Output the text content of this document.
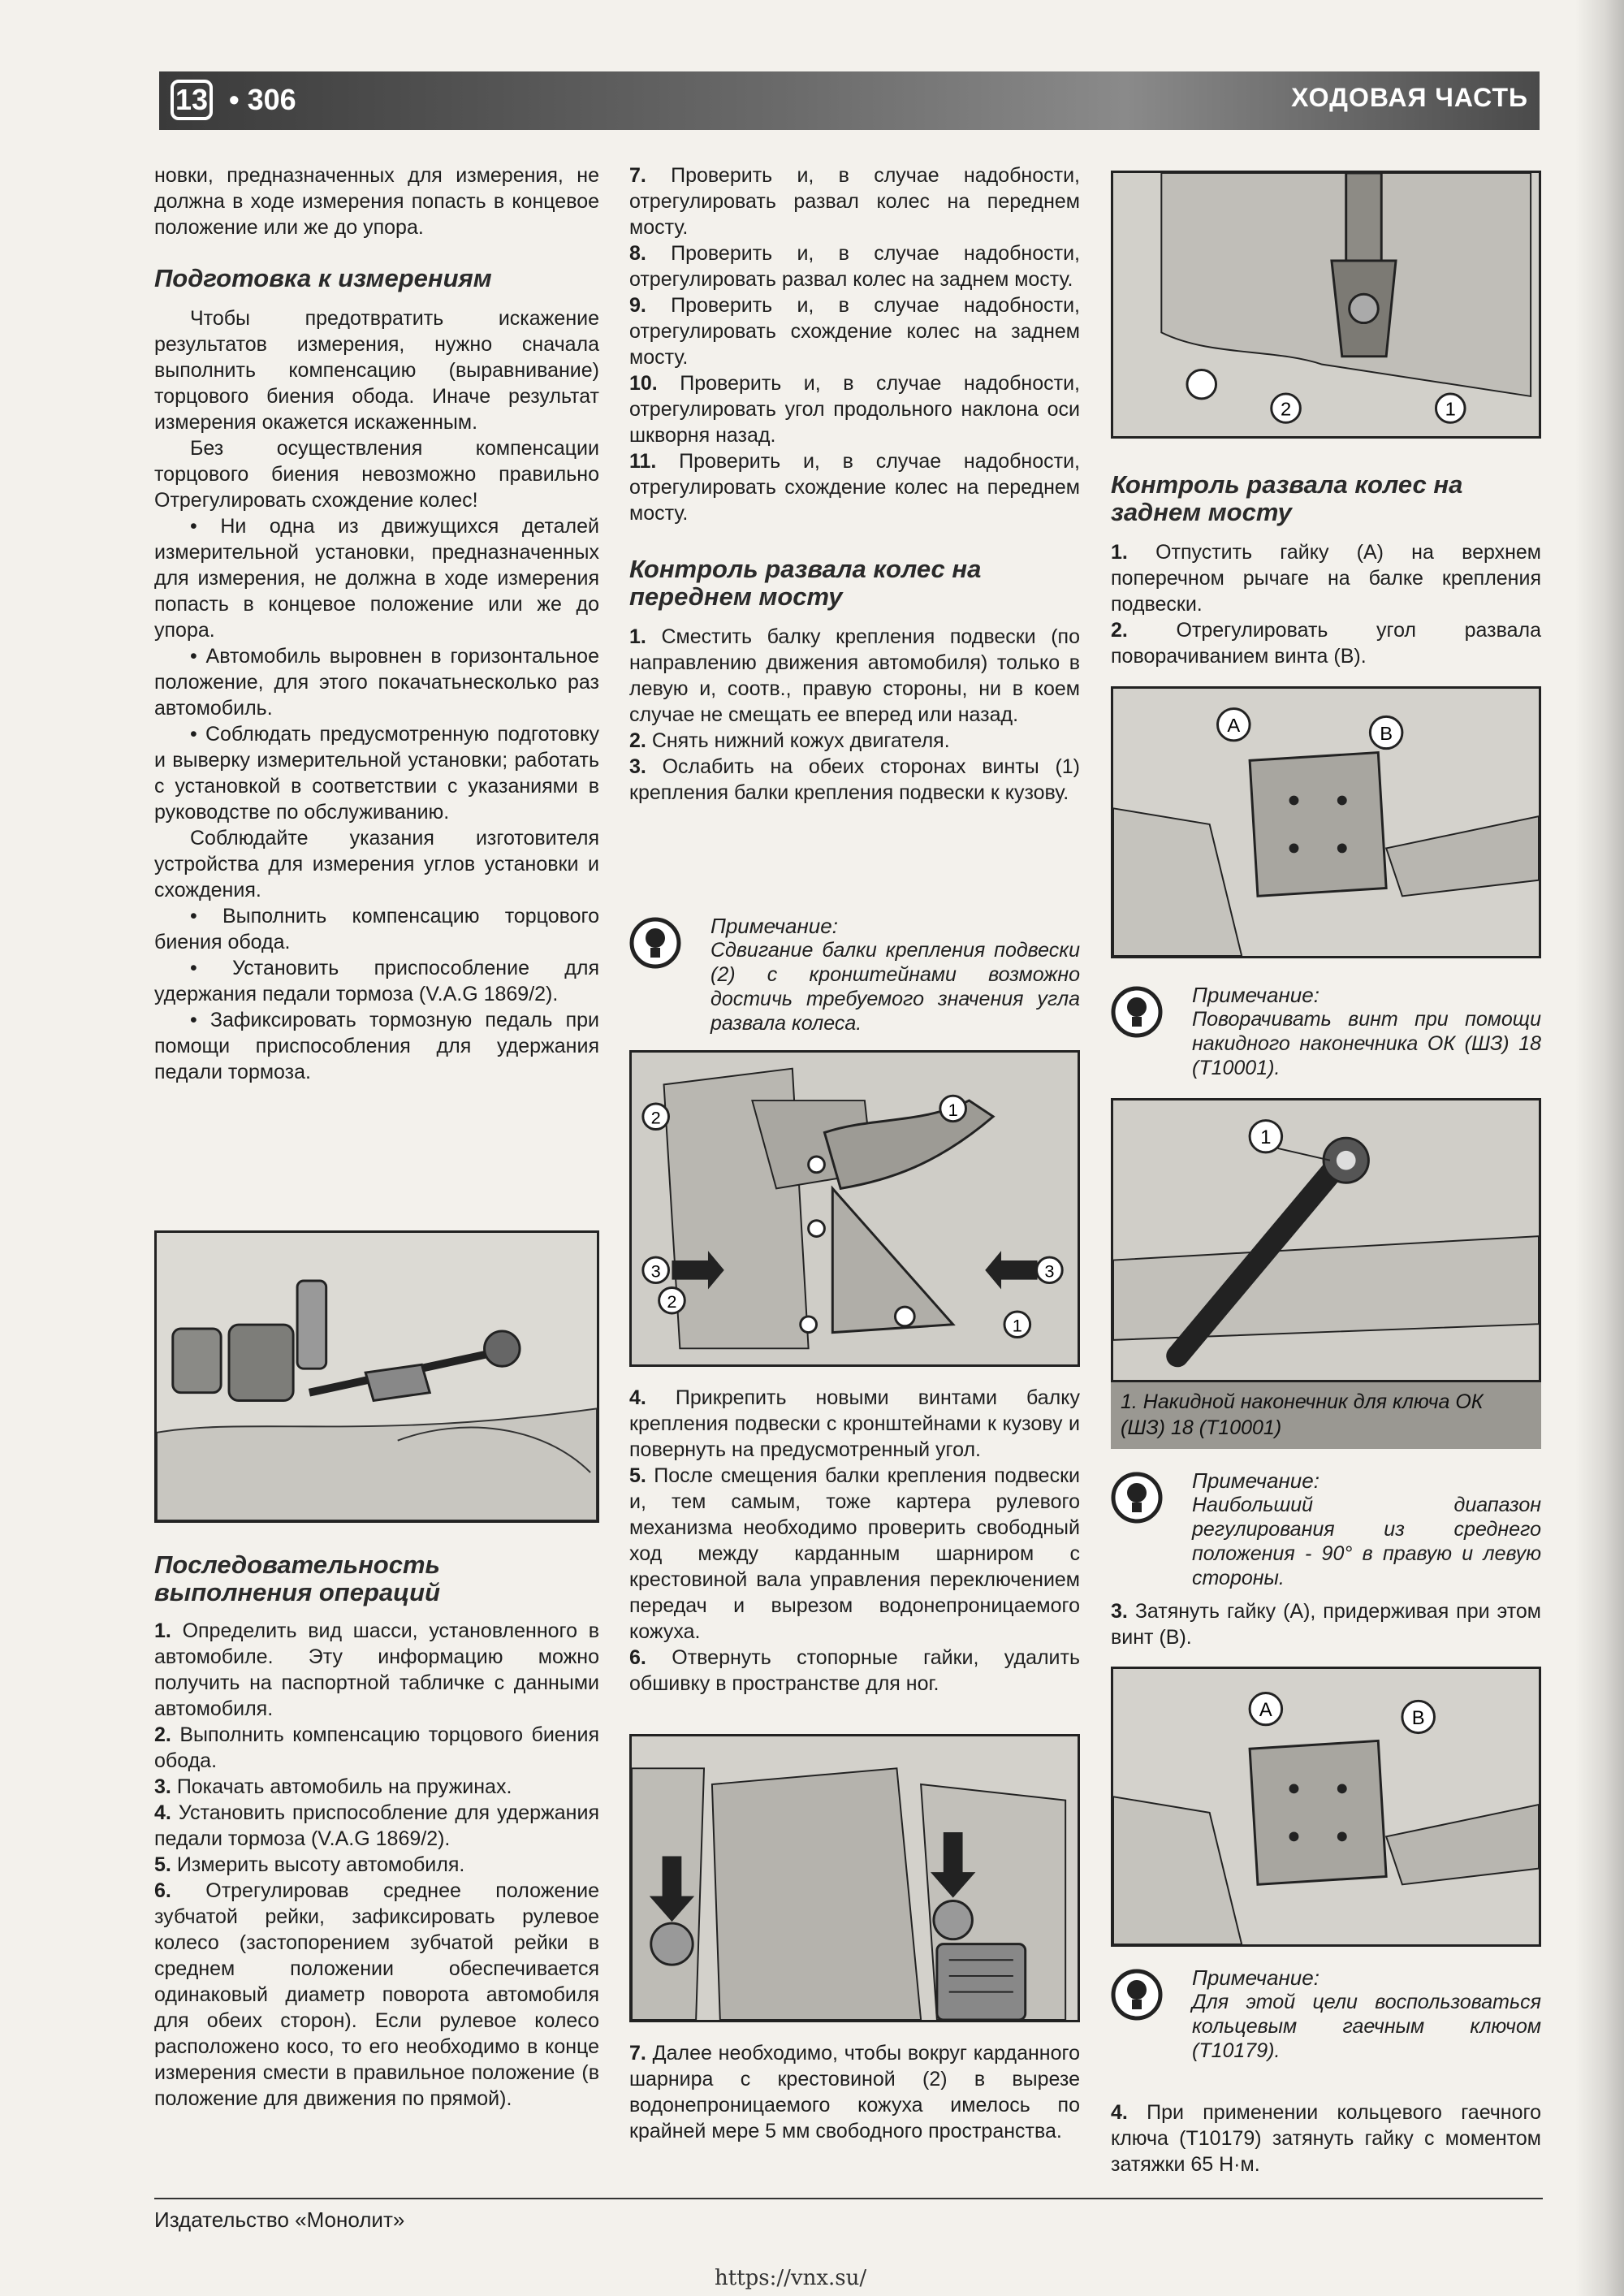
13 • 306	ХОДОВАЯ ЧАСТЬ

новки, предназначенных для измерения, не должна в ходе измерения попасть в концевое положение или же до упора.

Подготовка к измерениям

Чтобы предотвратить искажение результатов измерения, нужно сначала выполнить компенсацию (выравнивание) торцового биения обода. Иначе результат измерения окажется искаженным.

Без осуществления компенсации торцового биения невозможно правильно Отрегулировать схождение колес!

• Ни одна из движущихся деталей измерительной установки, предназначенных для измерения, не должна в ходе измерения попасть в концевое положение или же до упора.

• Автомобиль выровнен в горизонтальное положение, для этого покачатьнесколько раз автомобиль.

• Соблюдать предусмотренную подготовку и выверку измерительной установки; работать с установкой в соответствии с указаниями в руководстве по обслуживанию.

Соблюдайте указания изготовителя устройства для измерения углов установки и схождения.

• Выполнить компенсацию торцового биения обода.

• Установить приспособление для удержания педали тормоза (V.A.G 1869/2).

• Зафиксировать тормозную педаль при помощи приспособления для удержания педали тормоза.

Последовательность выполнения операций

1. Определить вид шасси, установленного в автомобиле. Эту информацию можно получить на паспортной табличке с данными автомобиля.

2. Выполнить компенсацию торцового биения обода.

3. Покачать автомобиль на пружинах.

4. Установить приспособление для удержания педали тормоза (V.A.G 1869/2).

5. Измерить высоту автомобиля.

6. Отрегулировав среднее положение зубчатой рейки, зафиксировать рулевое колесо (застопорением зубчатой рейки в среднем положении обеспечивается одинаковый диаметр поворота автомобиля для обеих сторон). Если рулевое колесо расположено косо, то его необходимо в конце измерения смести в правильное положение (в положение для движения по прямой).

7. Проверить и, в случае надобности, отрегулировать развал колес на переднем мосту.

8. Проверить и, в случае надобности, отрегулировать развал колес на заднем мосту.

9. Проверить и, в случае надобности, отрегулировать схождение колес на заднем мосту.

10. Проверить и, в случае надобности, отрегулировать угол продольного наклона оси шкворня назад.

11. Проверить и, в случае надобности, отрегулировать схождение колес на переднем мосту.

Контроль развала колес на переднем мосту

1. Сместить балку крепления подвески (по направлению движения автомобиля) только в левую и, соотв., правую стороны, ни в коем случае не смещать ее вперед или назад.

2. Снять нижний кожух двигателя.

3. Ослабить на обеих сторонах винты (1) крепления балки крепления подвески к кузову.

Примечание:
Сдвигание балки крепления подвески (2) с кронштейнами возможно достичь требуемого значения угла развала колеса.
3
3
2
2
1
1

4. Прикрепить новыми винтами балку крепления подвески с кронштейнами к кузову и повернуть на предусмотренный угол.

5. После смещения балки крепления подвески и, тем самым, тоже картера рулевого механизма необходимо проверить свободный ход между карданным шарниром с крестовиной вала управления переключением передач и вырезом водонепроницаемого кожуха.

6. Отвернуть стопорные гайки, удалить обшивку в пространстве для ног.

7. Далее необходимо, чтобы вокруг карданного шарнира с крестовиной (2) в вырезе водонепроницаемого кожуха имелось по крайней мере 5 мм свободного пространства.

1
2
Контроль развала колес на заднем мосту

1. Отпустить гайку (А) на верхнем поперечном рычаге на балке крепления подвески.

2. Отрегулировать угол развала поворачиванием винта (В).

A	B
Примечание:
Поворачивать винт при помощи накидного наконечника ОК (ШЗ) 18 (Т10001).
1
1. Накидной наконечник для ключа ОК (ШЗ) 18 (Т10001)
Примечание:
Наибольший диапазон регулирования из среднего положения - 90° в правую и левую стороны.

3. Затянуть гайку (А), придерживая при этом винт (В).

A	B
Примечание:
Для этой цели воспользоваться кольцевым гаечным ключом (Т10179).

4. При применении кольцевого гаечного ключа (Т10179) затянуть гайку с моментом затяжки 65 Н·м.

Издательство «Монолит»
https://vnx.su/
